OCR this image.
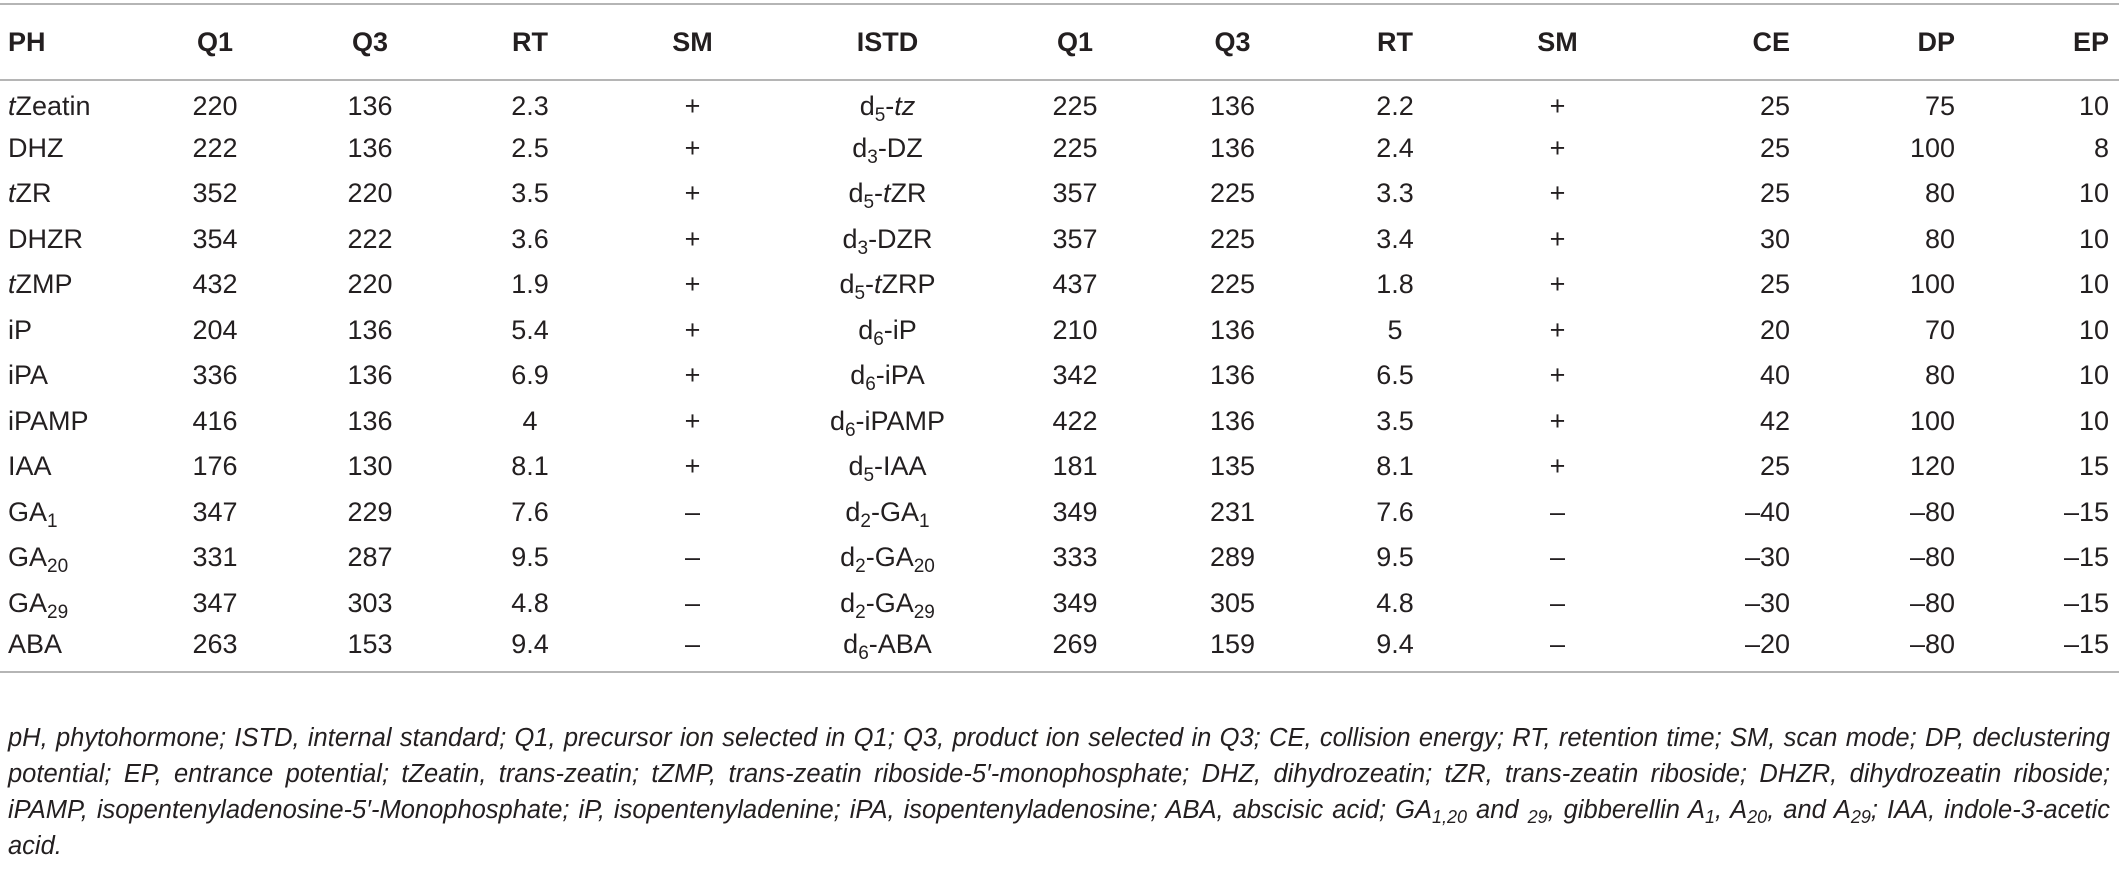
PH	Q1	Q3	RT	SM	ISTD	Q1	Q3	RT	SM	CE	DP	EP
tZeatin	220	136	2.3	+	$d_5-tz$	225	136	2.2	+	25	75	10
DHZ	222	136	2.5	+	$d_3-DZ$	225	136	2.4	+	25	100	8
tZR	352	220	3.5	+	$d_5$-tZR	357	225	3.3	+	25	80	10
DHZR	354	222	3.6	+	$d_3$-DZR	357	225	3.4	+	30	80	10
tZMP	432	220	1.9	+	$d_5$-tZRP	437	225	1.8	+	25	100	10
iP	204	136	5.4	+	$d_6-iP$	210	136	5	+	20	70	10
iPA	336	136	6.9	+	$d_6$-iPA	342	136	6.5	+	40	80	10
iPAMP	416	136	4	+	$d_6$-iPAMP	422	136	3.5	+	42	100	10
IAA	176	130	8.1	+	$d_5$-IAA	181	135	8.1	+	25	120	15
$GA_1$	347	229	7.6	–	$d_2-GA_1$	349	231	7.6	–	–40	–80	–15
$GA_{20}$	331	287	9.5	–	$d_2-GA_{20}$	333	289	9.5	–	–30	–80	–15
$GA_{29}$	347	303	4.8	–	$d_2-GA_{29}$	349	305	4.8	–	–30	–80	–15
ABA	263	153	9.4	–	$d_6$-ABA	269	159	9.4	–	–20	–80	–15
pH, phytohormone; ISTD, internal standard; Q1, precursor ion selected in Q1; Q3, product ion selected in Q3; CE, collision energy; RT, retention time; SM, scan mode; DP, declustering potential; EP, entrance potential; tZeatin, trans-zeatin; tZMP, trans-zeatin riboside-5′-monophosphate; DHZ, dihydrozeatin; tZR, trans-zeatin riboside; DHZR, dihydrozeatin riboside; iPAMP, isopentenyladenosine-5′-Monophosphate; iP, isopentenyladenine; iPA, isopentenyladenosine; ABA, abscisic acid; $GA_{1,20}$ and $_{29}$, gibberellin $A_1$, $A_{20}$, and $A_{29}$; IAA, indole-3-acetic acid.
